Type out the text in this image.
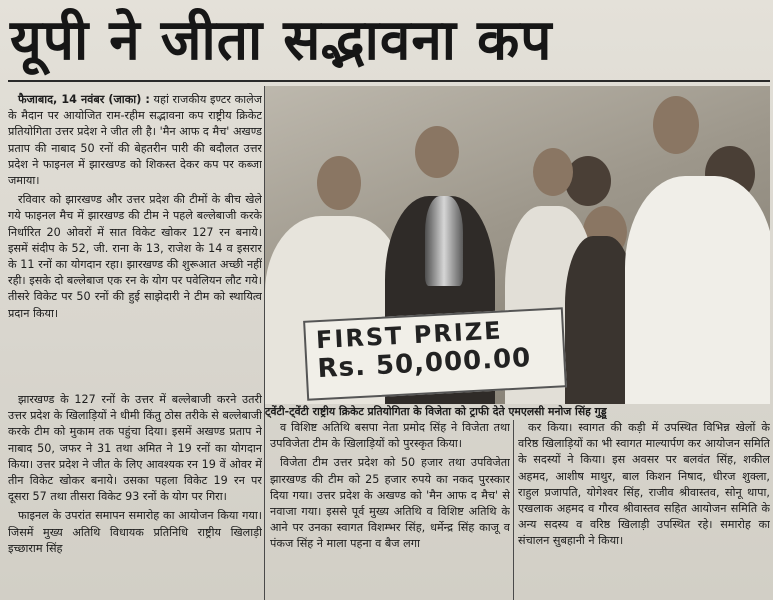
यूपी ने जीता सद्भावना कप

फैजाबाद, 14 नवंबर (जाका) : यहां राजकीय इण्टर कालेज के मैदान पर आयोजित राम-रहीम सद्भावना कप राष्ट्रीय क्रिकेट प्रतियोगिता उत्तर प्रदेश ने जीत ली है। 'मैन आफ द मैच' अखण्ड प्रताप की नाबाद 50 रनों की बेहतरीन पारी की बदौलत उत्तर प्रदेश ने फाइनल में झारखण्ड को शिकस्त देकर कप पर कब्जा जमाया।

रविवार को झारखण्ड और उत्तर प्रदेश की टीमों के बीच खेले गये फाइनल मैच में झारखण्ड की टीम ने पहले बल्लेबाजी करके निर्धारित 20 ओवरों में सात विकेट खोकर 127 रन बनाये। इसमें संदीप के 52, जी. राना के 13, राजेश के 14 व इसरार के 11 रनों का योगदान रहा। झारखण्ड की शुरूआत अच्छी नहीं रही। इसके दो बल्लेबाज एक रन के योग पर पवेलियन लौट गये। तीसरे विकेट पर 50 रनों की हुई साझेदारी ने टीम को स्थायित्व प्रदान किया।

झारखण्ड के 127 रनों के उत्तर में बल्लेबाजी करने उतरी उत्तर प्रदेश के खिलाड़ियों ने धीमी किंतु ठोस तरीके से बल्लेबाजी करके टीम को मुकाम तक पहुंचा दिया। इसमें अखण्ड प्रताप ने नाबाद 50, जफर ने 31 तथा अमित ने 19 रनों का योगदान किया। उत्तर प्रदेश ने जीत के लिए आवश्यक रन 19 वें ओवर में तीन विकेट खोकर बनाये। उसका पहला विकेट 19 रन पर दूसरा 57 तथा तीसरा विकेट 93 रनों के योग पर गिरा।

फाइनल के उपरांत समापन समारोह का आयोजन किया गया। जिसमें मुख्य अतिथि विधायक प्रतिनिधि राष्ट्रीय खिलाड़ी इच्छाराम सिंह

FIRST PRIZE
Rs. 50,000.00
ट्वेंटी-ट्वेंटी राष्ट्रीय क्रिकेट प्रतियोगिता के विजेता को ट्राफी देते एमएलसी मनोज सिंह गुड्डू

व विशिष्ट अतिथि बसपा नेता प्रमोद सिंह ने विजेता तथा उपविजेता टीम के खिलाड़ियों को पुरस्कृत किया।

विजेता टीम उत्तर प्रदेश को 50 हजार तथा उपविजेता झारखण्ड की टीम को 25 हजार रुपये का नकद पुरस्कार दिया गया। उत्तर प्रदेश के अखण्ड को 'मैन आफ द मैच' से नवाजा गया। इससे पूर्व मुख्य अतिथि व विशिष्ट अतिथि के आने पर उनका स्वागत विशम्भर सिंह, धर्मेन्द्र सिंह काजू व पंकज सिंह ने माला पहना व बैज लगा

कर किया। स्वागत की कड़ी में उपस्थित विभिन्न खेलों के वरिष्ठ खिलाड़ियों का भी स्वागत माल्यार्पण कर आयोजन समिति के सदस्यों ने किया। इस अवसर पर बलवंत सिंह, शकील अहमद, आशीष माथुर, बाल किशन निषाद, धीरज शुक्ला, राहुल प्रजापति, योगेश्वर सिंह, राजीव श्रीवास्तव, सोनू थापा, एखलाक अहमद व गौरव श्रीवास्तव सहित आयोजन समिति के अन्य सदस्य व वरिष्ठ खिलाड़ी उपस्थित रहे। समारोह का संचालन सुबहानी ने किया।
